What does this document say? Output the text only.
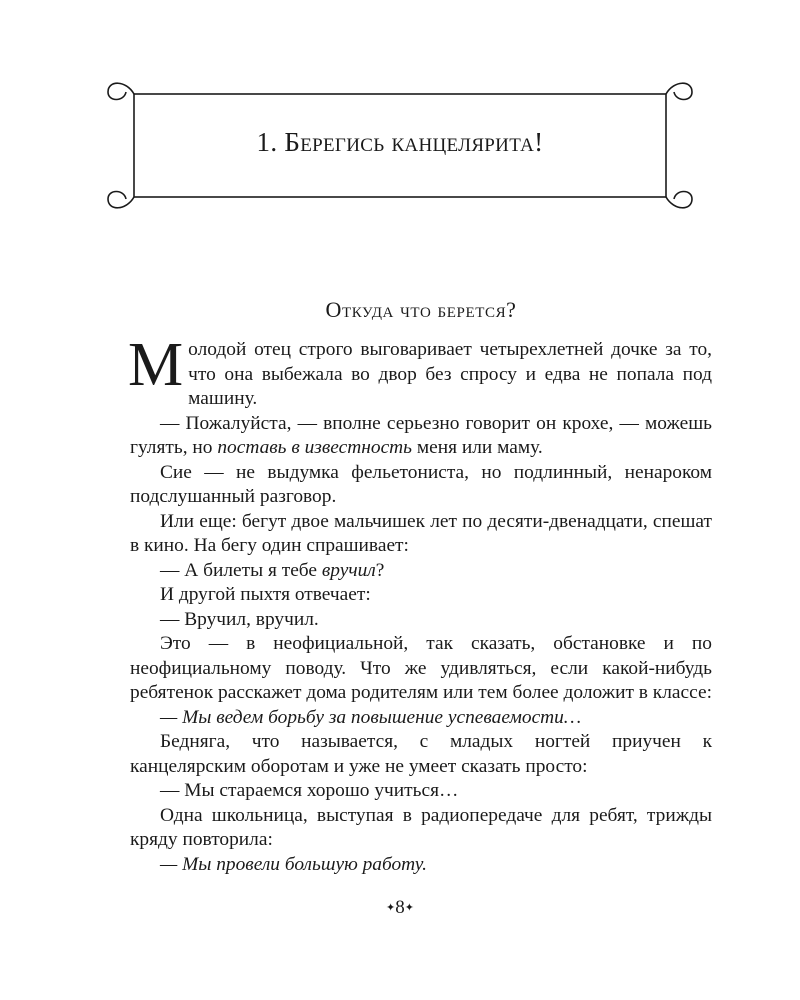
1. Берегись канцелярита!
Откуда что берется?

Молодой отец строго выговаривает четырехлетней дочке за то, что она выбежала во двор без спросу и едва не попала под машину.

— Пожалуйста, — вполне серьезно говорит он крохе, — можешь гулять, но поставь в известность меня или маму.

Сие — не выдумка фельетониста, но подлинный, ненароком подслушанный разговор.

Или еще: бегут двое мальчишек лет по десяти-двенадцати, спешат в кино. На бегу один спрашивает:

— А билеты я тебе вручил?

И другой пыхтя отвечает:

— Вручил, вручил.

Это — в неофициальной, так сказать, обстановке и по неофициальному поводу. Что же удивляться, если какой-нибудь ребятенок расскажет дома родителям или тем более доложит в классе:

— Мы ведем борьбу за повышение успеваемости…

Бедняга, что называется, с младых ногтей приучен к канцелярским оборотам и уже не умеет сказать просто:

— Мы стараемся хорошо учиться…

Одна школьница, выступая в радиопередаче для ребят, трижды кряду повторила:

— Мы провели большую работу.

✦8✦
